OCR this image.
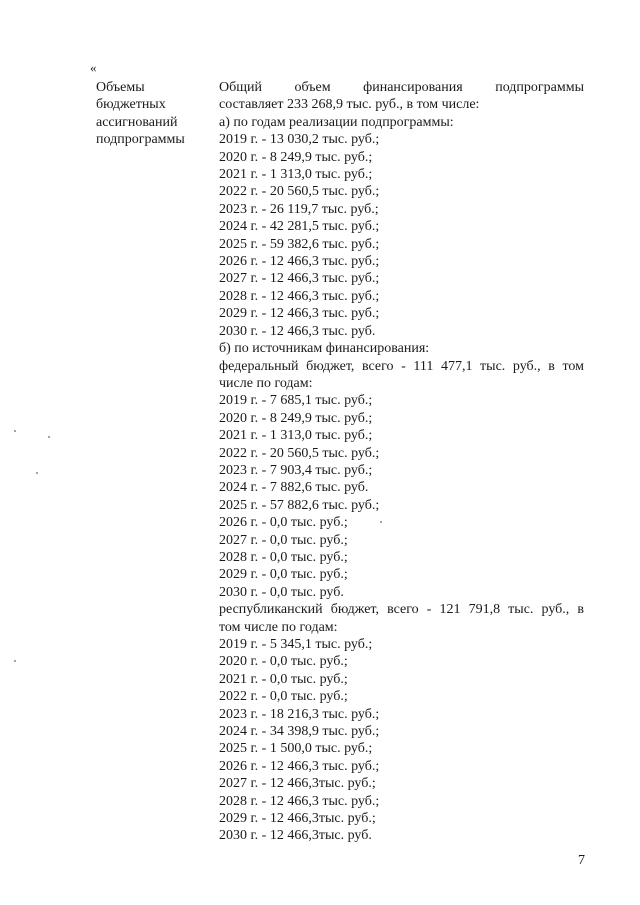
«
Объемы
бюджетных
ассигнований
подпрограммы
Общий объем финансирования подпрограммы
составляет 233 268,9 тыс. руб., в том числе:
а) по годам реализации подпрограммы:
2019 г. - 13 030,2 тыс. руб.;
2020 г. - 8 249,9 тыс. руб.;
2021 г. - 1 313,0 тыс. руб.;
2022 г. - 20 560,5 тыс. руб.;
2023 г. - 26 119,7 тыс. руб.;
2024 г. - 42 281,5 тыс. руб.;
2025 г. - 59 382,6 тыс. руб.;
2026 г. - 12 466,3 тыс. руб.;
2027 г. - 12 466,3 тыс. руб.;
2028 г. - 12 466,3 тыс. руб.;
2029 г. - 12 466,3 тыс. руб.;
2030 г. - 12 466,3 тыс. руб.
б) по источникам финансирования:
федеральный бюджет, всего - 111 477,1 тыс. руб., в том
числе по годам:
2019 г. - 7 685,1 тыс. руб.;
2020 г. - 8 249,9 тыс. руб.;
2021 г. - 1 313,0 тыс. руб.;
2022 г. - 20 560,5 тыс. руб.;
2023 г. - 7 903,4 тыс. руб.;
2024 г. - 7 882,6 тыс. руб.
2025 г. - 57 882,6 тыс. руб.;
2026 г. - 0,0 тыс. руб.;
2027 г. - 0,0 тыс. руб.;
2028 г. - 0,0 тыс. руб.;
2029 г. - 0,0 тыс. руб.;
2030 г. - 0,0 тыс. руб.
республиканский бюджет, всего - 121 791,8 тыс. руб., в
том числе по годам:
2019 г. - 5 345,1 тыс. руб.;
2020 г. - 0,0 тыс. руб.;
2021 г. - 0,0 тыс. руб.;
2022 г. - 0,0 тыс. руб.;
2023 г. - 18 216,3 тыс. руб.;
2024 г. - 34 398,9 тыс. руб.;
2025 г. - 1 500,0 тыс. руб.;
2026 г. - 12 466,3 тыс. руб.;
2027 г. - 12 466,3тыс. руб.;
2028 г. - 12 466,3 тыс. руб.;
2029 г. - 12 466,3тыс. руб.;
2030 г. - 12 466,3тыс. руб.
7
